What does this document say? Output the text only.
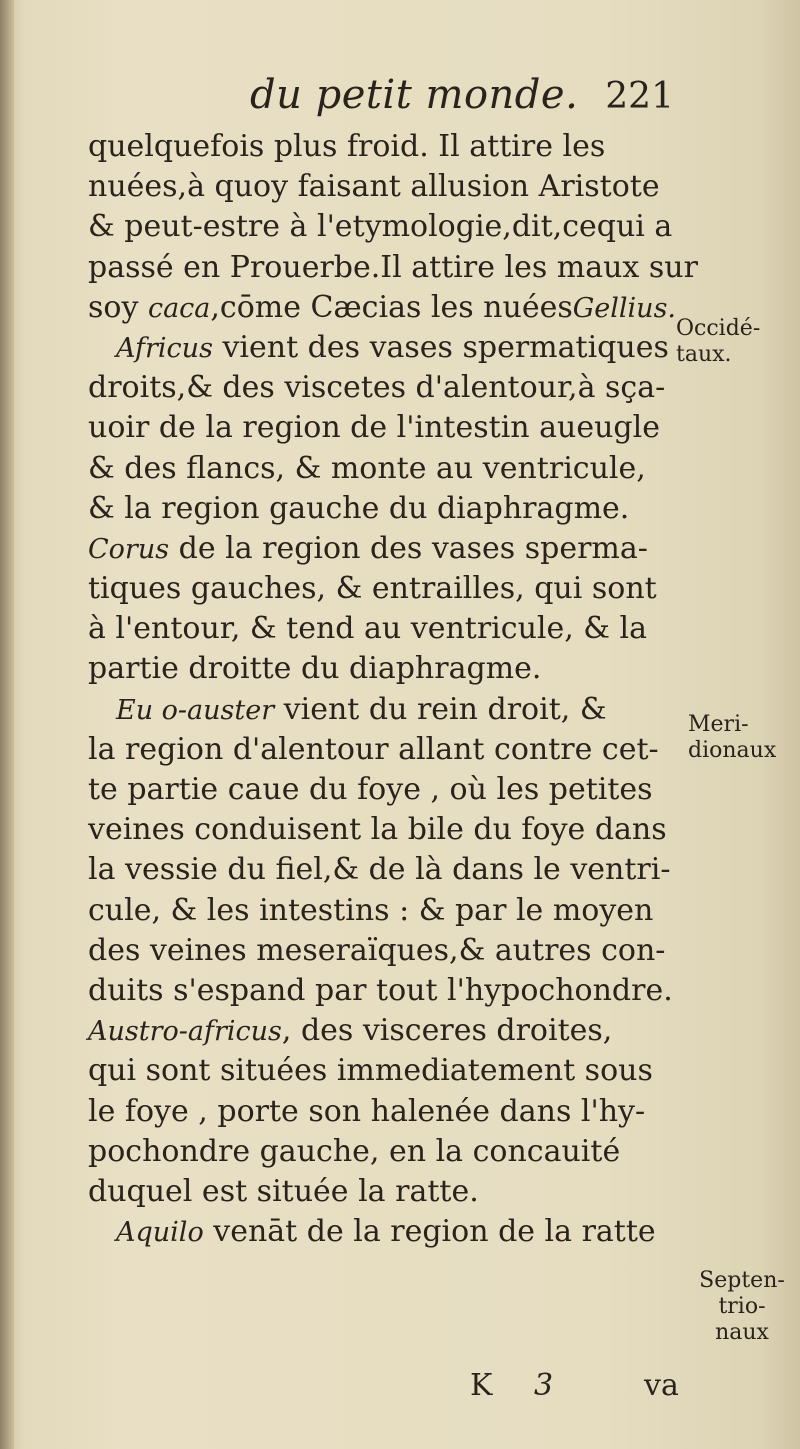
du petit monde. 221
quelquefois plus froid. Il attire les
nuées,à quoy faisant allusion Aristote
& peut-estre à l'etymologie,dit,cequi a
passé en Prouerbe.Il attire les maux sur
soy caca,cōme Cæcias les nuéesGellius.
Africus vient des vases spermatiques
droits,& des viscetes d'alentour,à sça-
uoir de la region de l'intestin aueugle
& des flancs, & monte au ventricule,
& la region gauche du diaphragme.
Corus de la region des vases sperma-
tiques gauches, & entrailles, qui sont
à l'entour, & tend au ventricule, & la
partie droitte du diaphragme.
Eu o-auster vient du rein droit, &
la region d'alentour allant contre cet-
te partie caue du foye , où les petites
veines conduisent la bile du foye dans
la vessie du fiel,& de là dans le ventri-
cule, & les intestins : & par le moyen
des veines meseraïques,& autres con-
duits s'espand par tout l'hypochondre.
Austro-africus, des visceres droites,
qui sont situées immediatement sous
le foye , porte son halenée dans l'hy-
pochondre gauche, en la concauité
duquel est située la ratte.
Aquilo venāt de la region de la ratte
Occidé-
taux.
Meri-
dionaux
Septen-
trio-
naux
K 3	va
